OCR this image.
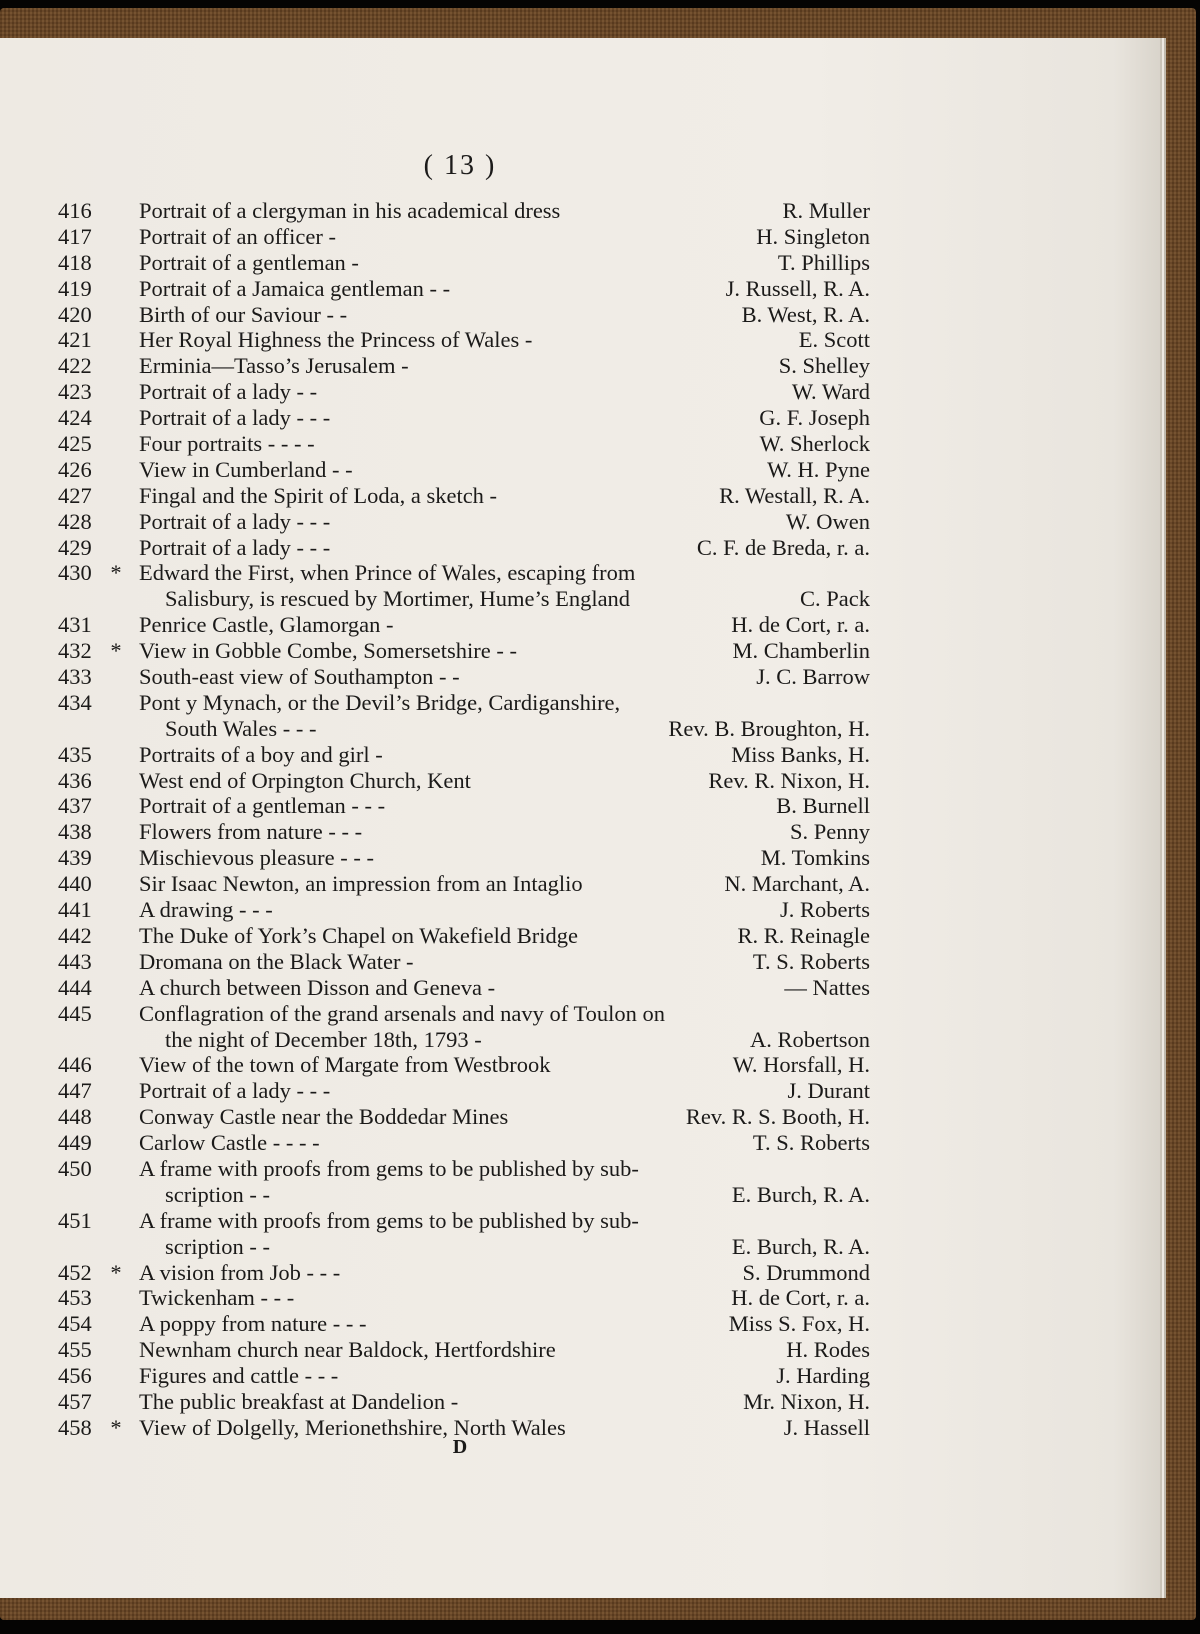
( 13 )
416	Portrait of a clergyman in his academical dress	R. Muller
417	Portrait of an officer -	H. Singleton
418	Portrait of a gentleman -	T. Phillips
419	Portrait of a Jamaica gentleman - -	J. Russell, R. A.
420	Birth of our Saviour - -	B. West, R. A.
421	Her Royal Highness the Princess of Wales -	E. Scott
422	Erminia—Tasso’s Jerusalem -	S. Shelley
423	Portrait of a lady - -	W. Ward
424	Portrait of a lady - - -	G. F. Joseph
425	Four portraits - - - -	W. Sherlock
426	View in Cumberland - -	W. H. Pyne
427	Fingal and the Spirit of Loda, a sketch -	R. Westall, R. A.
428	Portrait of a lady - - -	W. Owen
429	Portrait of a lady - - -	C. F. de Breda, r. a.
430 * Edward the First, when Prince of Wales, escaping from
Salisbury, is rescued by Mortimer, Hume’s England	C. Pack
431	Penrice Castle, Glamorgan -	H. de Cort, r. a.
432 * View in Gobble Combe, Somersetshire - -	M. Chamberlin
433	South-east view of Southampton - -	J. C. Barrow
434	Pont y Mynach, or the Devil’s Bridge, Cardiganshire,
South Wales - - -	Rev. B. Broughton, H.
435	Portraits of a boy and girl -	Miss Banks, H.
436	West end of Orpington Church, Kent	Rev. R. Nixon, H.
437	Portrait of a gentleman - - -	B. Burnell
438	Flowers from nature - - -	S. Penny
439	Mischievous pleasure - - -	M. Tomkins
440	Sir Isaac Newton, an impression from an Intaglio	N. Marchant, A.
441	A drawing - - -	J. Roberts
442	The Duke of York’s Chapel on Wakefield Bridge	R. R. Reinagle
443	Dromana on the Black Water -	T. S. Roberts
444	A church between Disson and Geneva -	— Nattes
445	Conflagration of the grand arsenals and navy of Toulon on
the night of December 18th, 1793 -	A. Robertson
446	View of the town of Margate from Westbrook	W. Horsfall, H.
447	Portrait of a lady - - -	J. Durant
448	Conway Castle near the Boddedar Mines	Rev. R. S. Booth, H.
449	Carlow Castle - - - -	T. S. Roberts
450	A frame with proofs from gems to be published by sub-
scription - -	E. Burch, R. A.
451	A frame with proofs from gems to be published by sub-
scription - -	E. Burch, R. A.
452 * A vision from Job - - -	S. Drummond
453	Twickenham - - -	H. de Cort, r. a.
454	A poppy from nature - - -	Miss S. Fox, H.
455	Newnham church near Baldock, Hertfordshire	H. Rodes
456	Figures and cattle - - -	J. Harding
457	The public breakfast at Dandelion -	Mr. Nixon, H.
458 * View of Dolgelly, Merionethshire, North Wales	J. Hassell
D
